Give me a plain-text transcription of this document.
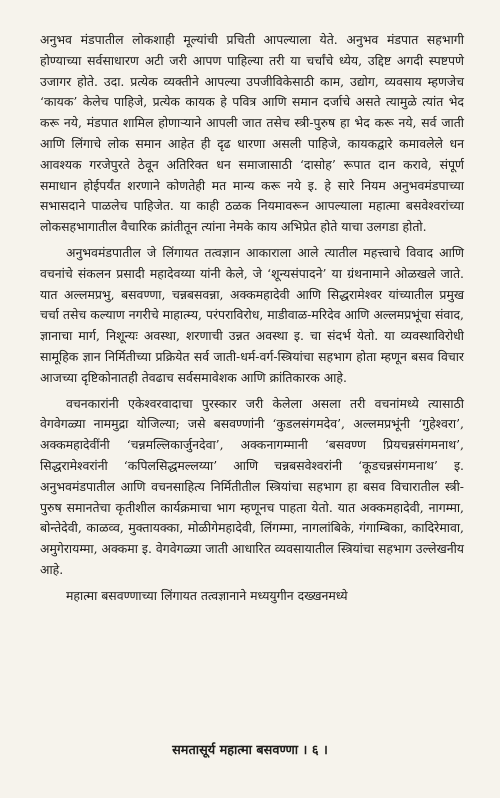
अनुभव मंडपातील लोकशाही मूल्यांची प्रचिती आपल्याला येते. अनुभव मंडपात सहभागी होण्याच्या सर्वसाधारण अटी जरी आपण पाहिल्या तरी या चर्चांचे ध्येय, उद्दिष्ट अगदी स्पष्टपणे उजागर होते. उदा. प्रत्येक व्यक्तीने आपल्या उपजीविकेसाठी काम, उद्योग, व्यवसाय म्हणजेच ‘कायक’ केलेच पाहिजे, प्रत्येक कायक हे पवित्र आणि समान दर्जाचे असते त्यामुळे त्यांत भेद करू नये, मंडपात शामिल होणाऱ्याने आपली जात तसेच स्त्री-पुरुष हा भेद करू नये, सर्व जाती आणि लिंगाचे लोक समान आहेत ही दृढ धारणा असली पाहिजे, कायकद्वारे कमावलेले धन आवश्यक गरजेपुरते ठेवून अतिरिक्त धन समाजासाठी ‘दासोह’ रूपात दान करावे, संपूर्ण समाधान होईपर्यंत शरणाने कोणतेही मत मान्य करू नये इ. हे सारे नियम अनुभवमंडपाच्या सभासदाने पाळलेच पाहिजेत. या काही ठळक नियमावरून आपल्याला महात्मा बसवेश्वरांच्या लोकसहभागातील वैचारिक क्रांतीतून त्यांना नेमके काय अभिप्रेत होते याचा उलगडा होतो.

अनुभवमंडपातील जे लिंगायत तत्वज्ञान आकाराला आले त्यातील महत्त्वाचे विवाद आणि वचनांचे संकलन प्रसादी महादेवय्या यांनी केले, जे ‘शून्यसंपादने’ या ग्रंथनामाने ओळखले जाते. यात अल्लमप्रभु, बसवण्णा, चन्नबसवन्ना, अक्कमहादेवी आणि सिद्धरामेश्वर यांच्यातील प्रमुख चर्चा तसेच कल्याण नगरीचे माहात्म्य, परंपराविरोध, माडीवाळ-मरिदेव आणि अल्लमप्रभूंचा संवाद, ज्ञानाचा मार्ग, निशून्यः अवस्था, शरणाची उन्नत अवस्था इ. चा संदर्भ येतो. या व्यवस्थाविरोधी सामूहिक ज्ञान निर्मितीच्या प्रक्रियेत सर्व जाती-धर्म-वर्ग-स्त्रियांचा सहभाग होता म्हणून बसव विचार आजच्या दृष्टिकोनातही तेवढाच सर्वसमावेशक आणि क्रांतिकारक आहे.

वचनकारांनी एकेश्वरवादाचा पुरस्कार जरी केलेला असला तरी वचनांमध्ये त्यासाठी वेगवेगळ्या नाममुद्रा योजिल्या; जसे बसवण्णांनी ‘कुडलसंगमदेव’, अल्लमप्रभूंनी ‘गुहेश्वरा’, अक्कमहादेवींनी ‘चन्नमल्लिकार्जुनदेवा’, अक्कनागम्मानी ‘बसवण्ण प्रियचन्नसंगमनाथ’, सिद्धरामेश्वरांनी ‘कपिलसिद्धमल्लय्या’ आणि चन्नबसवेश्वरांनी ‘कूडचन्नसंगमनाथ’ इ. अनुभवमंडपातील आणि वचनसाहित्य निर्मितीतील स्त्रियांचा सहभाग हा बसव विचारातील स्त्री-पुरुष समानतेचा कृतीशील कार्यक्रमाचा भाग म्हणूनच पाहता येतो. यात अक्कमहादेवी, नागम्मा, बोन्तेदेवी, काळव्व, मुक्तायक्का, मोळीगेमहादेवी, लिंगम्मा, नागलांबिके, गंगाम्बिका, कादिरेमावा, अमुगेरायम्मा, अक्कमा इ. वेगवेगळ्या जाती आधारित व्यवसायातील स्त्रियांचा सहभाग उल्लेखनीय आहे.

महात्मा बसवण्णाच्या लिंगायत तत्वज्ञानाने मध्ययुगीन दख्खनमध्ये

समतासूर्य महात्मा बसवण्णा । ६ ।
